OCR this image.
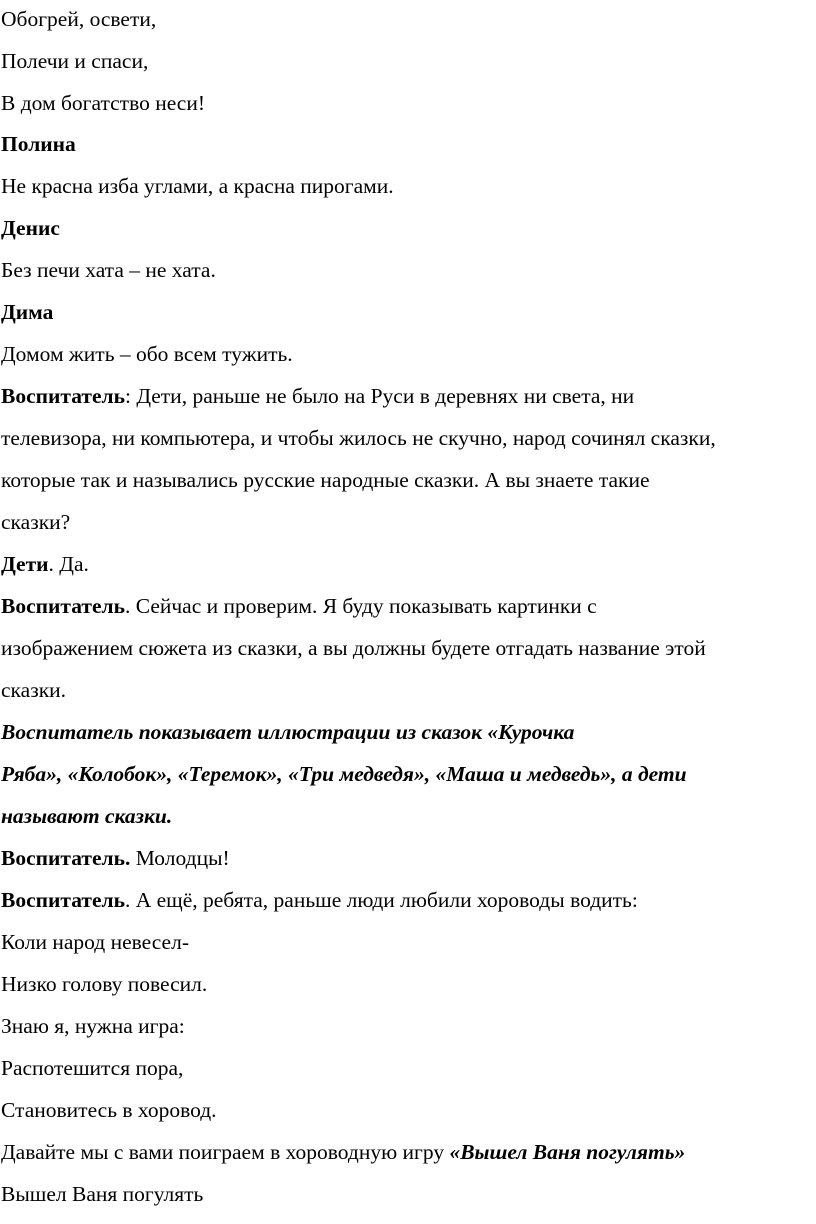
Обогрей, освети,
Полечи и спаси,
В дом богатство неси!
Полина
Не красна изба углами, а красна пирогами.
Денис
Без печи хата – не хата.
Дима
Домом жить – обо всем тужить.
Воспитатель: Дети, раньше не было на Руси в деревнях ни света, ни
телевизора, ни компьютера, и чтобы жилось не скучно, народ сочинял сказки,
которые так и назывались русские народные сказки. А вы знаете такие
сказки?
Дети. Да.
Воспитатель. Сейчас и проверим. Я буду показывать картинки с
изображением сюжета из сказки, а вы должны будете отгадать название этой
сказки.
Воспитатель показывает иллюстрации из сказок «Курочка
Ряба», «Колобок», «Теремок», «Три медведя», «Маша и медведь», а дети
называют сказки.
Воспитатель. Молодцы!
Воспитатель. А ещё, ребята, раньше люди любили хороводы водить:
Коли народ невесел-
Низко голову повесил.
Знаю я, нужна игра:
Распотешится пора,
Становитесь в хоровод.
Давайте мы с вами поиграем в хороводную игру «Вышел Ваня погулять»
Вышел Ваня погулять
